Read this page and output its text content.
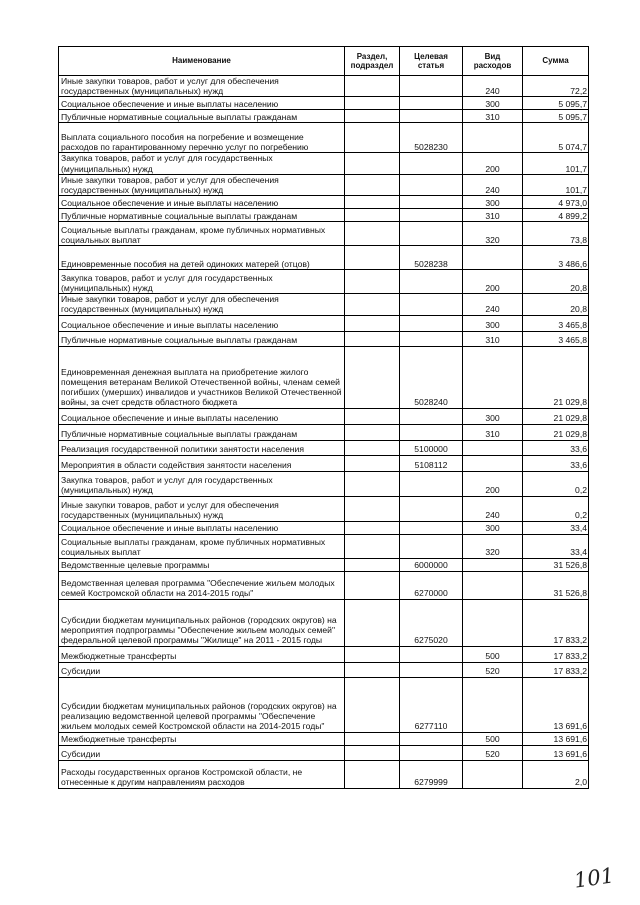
Наименование	Раздел, подраздел	Целевая статья	Вид расходов	Сумма
Иные закупки товаров, работ и услуг для обеспечения государственных (муниципальных) нужд			240	72,2
Социальное обеспечение и иные выплаты населению			300	5 095,7
Публичные нормативные социальные выплаты гражданам			310	5 095,7
Выплата социального пособия на погребение и возмещение расходов по гарантированному перечню услуг по погребению		5028230		5 074,7
Закупка товаров, работ и услуг для государственных (муниципальных) нужд			200	101,7
Иные закупки товаров, работ и услуг для обеспечения государственных (муниципальных) нужд			240	101,7
Социальное обеспечение и иные выплаты населению			300	4 973,0
Публичные нормативные социальные выплаты гражданам			310	4 899,2
Социальные выплаты гражданам, кроме публичных нормативных социальных выплат			320	73,8
Единовременные пособия на детей одиноких матерей (отцов)		5028238		3 486,6
Закупка товаров, работ и услуг для государственных (муниципальных) нужд			200	20,8
Иные закупки товаров, работ и услуг для обеспечения государственных (муниципальных) нужд			240	20,8
Социальное обеспечение и иные выплаты населению			300	3 465,8
Публичные нормативные социальные выплаты гражданам			310	3 465,8
Единовременная денежная выплата на приобретение жилого помещения ветеранам Великой Отечественной войны, членам семей погибших (умерших) инвалидов и участников Великой Отечественной войны, за счет средств областного бюджета		5028240		21 029,8
Социальное обеспечение и иные выплаты населению			300	21 029,8
Публичные нормативные социальные выплаты гражданам			310	21 029,8
Реализация государственной политики занятости населения		5100000		33,6
Мероприятия в области содействия занятости населения		5108112		33,6
Закупка товаров, работ и услуг для государственных (муниципальных) нужд			200	0,2
Иные закупки товаров, работ и услуг для обеспечения государственных (муниципальных) нужд			240	0,2
Социальное обеспечение и иные выплаты населению			300	33,4
Социальные выплаты гражданам, кроме публичных нормативных социальных выплат			320	33,4
Ведомственные целевые программы		6000000		31 526,8
Ведомственная целевая программа "Обеспечение жильем молодых семей Костромской области на 2014-2015 годы"		6270000		31 526,8
Субсидии бюджетам муниципальных районов (городских округов) на мероприятия подпрограммы "Обеспечение жильем молодых семей" федеральной целевой программы "Жилище" на 2011 - 2015 годы		6275020		17 833,2
Межбюджетные трансферты			500	17 833,2
Субсидии			520	17 833,2
Субсидии бюджетам муниципальных районов (городских округов) на реализацию ведомственной целевой программы "Обеспечение жильем молодых семей Костромской области на 2014-2015 годы"		6277110		13 691,6
Межбюджетные трансферты			500	13 691,6
Субсидии			520	13 691,6
Расходы государственных органов Костромской области, не отнесенные к другим направлениям расходов		6279999		2,0
101
